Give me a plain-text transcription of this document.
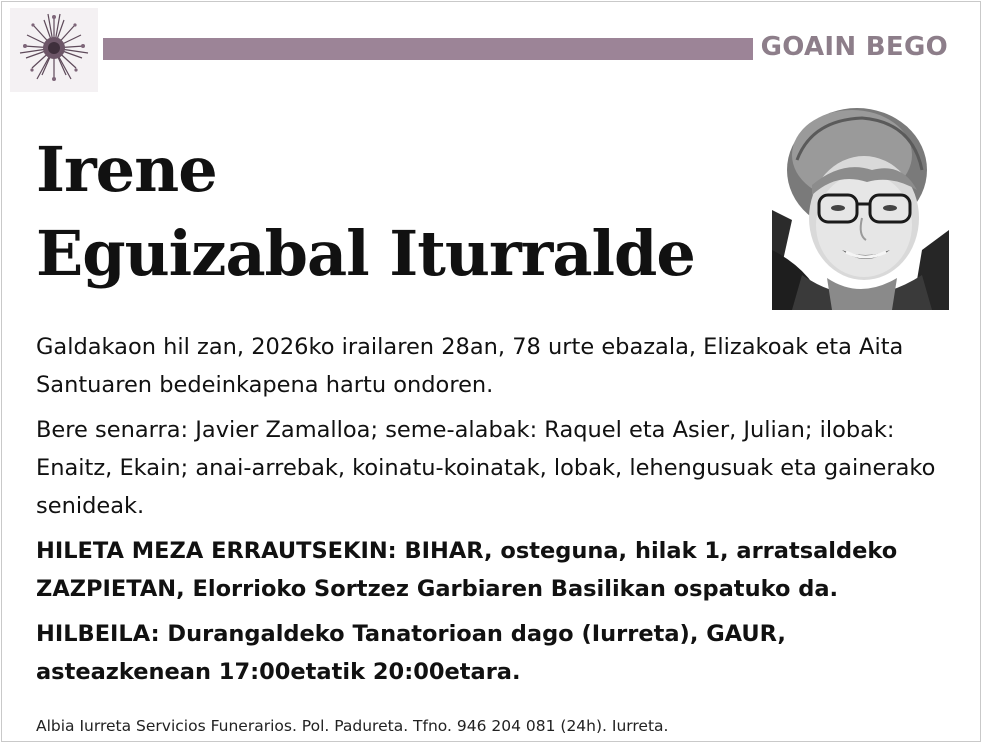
GOAIN BEGO
Irene
Eguizabal Iturralde

Galdakaon hil zan, 2026ko irailaren 28an, 78 urte ebazala, Elizakoak eta Aita Santuaren bedeinkapena hartu ondoren.

Bere senarra: Javier Zamalloa; seme-alabak: Raquel eta Asier, Julian; ilobak: Enaitz, Ekain; anai-arrebak, koinatu-koinatak, lobak, lehengusuak eta gainerako senideak.

HILETA MEZA ERRAUTSEKIN: BIHAR, osteguna, hilak 1, arratsaldeko ZAZPIETAN, Elorrioko Sortzez Garbiaren Basilikan ospatuko da.

HILBEILA: Durangaldeko Tanatorioan dago (Iurreta), GAUR, asteazkenean 17:00etatik 20:00etara.

Albia Iurreta Servicios Funerarios. Pol. Padureta. Tfno. 946 204 081 (24h). Iurreta.
